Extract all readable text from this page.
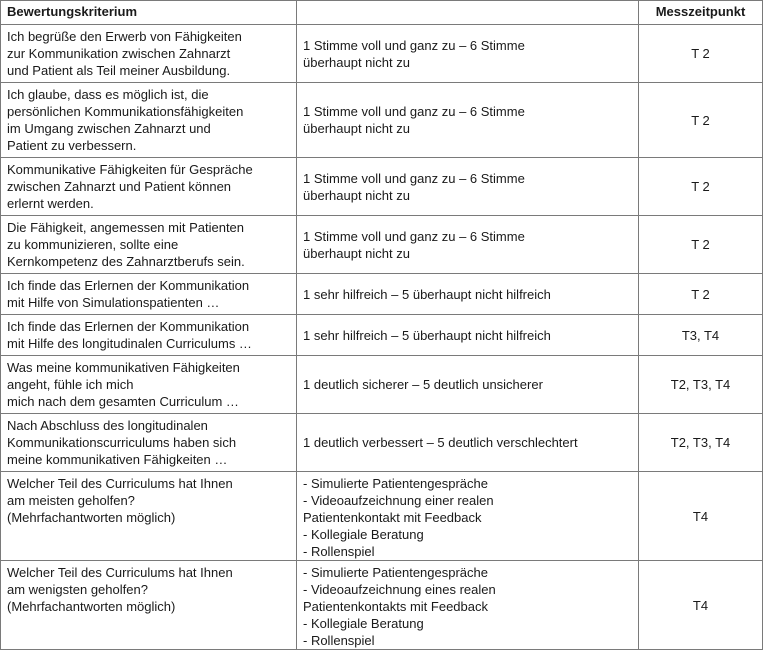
Bewertungskriterium		Messzeitpunkt

Ich begrüße den Erwerb von Fähigkeiten
zur Kommunikation zwischen Zahnarzt
und Patient als Teil meiner Ausbildung.	1 Stimme voll und ganz zu – 6 Stimme
überhaupt nicht zu	T 2

Ich glaube, dass es möglich ist, die
persönlichen Kommunikationsfähigkeiten
im Umgang zwischen Zahnarzt und
Patient zu verbessern.	1 Stimme voll und ganz zu – 6 Stimme
überhaupt nicht zu	T 2

Kommunikative Fähigkeiten für Gespräche
zwischen Zahnarzt und Patient können
erlernt werden.	1 Stimme voll und ganz zu – 6 Stimme
überhaupt nicht zu	T 2

Die Fähigkeit, angemessen mit Patienten
zu kommunizieren, sollte eine
Kernkompetenz des Zahnarztberufs sein.	1 Stimme voll und ganz zu – 6 Stimme
überhaupt nicht zu	T 2

Ich finde das Erlernen der Kommunikation
mit Hilfe von Simulationspatienten …	1 sehr hilfreich – 5 überhaupt nicht hilfreich	T 2

Ich finde das Erlernen der Kommunikation
mit Hilfe des longitudinalen Curriculums …	1 sehr hilfreich – 5 überhaupt nicht hilfreich	T3, T4

Was meine kommunikativen Fähigkeiten
angeht, fühle ich mich
mich nach dem gesamten Curriculum …	1 deutlich sicherer – 5 deutlich unsicherer	T2, T3, T4

Nach Abschluss des longitudinalen
Kommunikationscurriculums haben sich
meine kommunikativen Fähigkeiten …	1 deutlich verbessert – 5 deutlich verschlechtert	T2, T3, T4

Welcher Teil des Curriculums hat Ihnen
am meisten geholfen?
(Mehrfachantworten möglich)	- Simulierte Patientengespräche
- Videoaufzeichnung einer realen
Patientenkontakt mit Feedback
- Kollegiale Beratung
- Rollenspiel	T4

Welcher Teil des Curriculums hat Ihnen
am wenigsten geholfen?
(Mehrfachantworten möglich)	- Simulierte Patientengespräche
- Videoaufzeichnung eines realen
Patientenkontakts mit Feedback
- Kollegiale Beratung
- Rollenspiel	T4
